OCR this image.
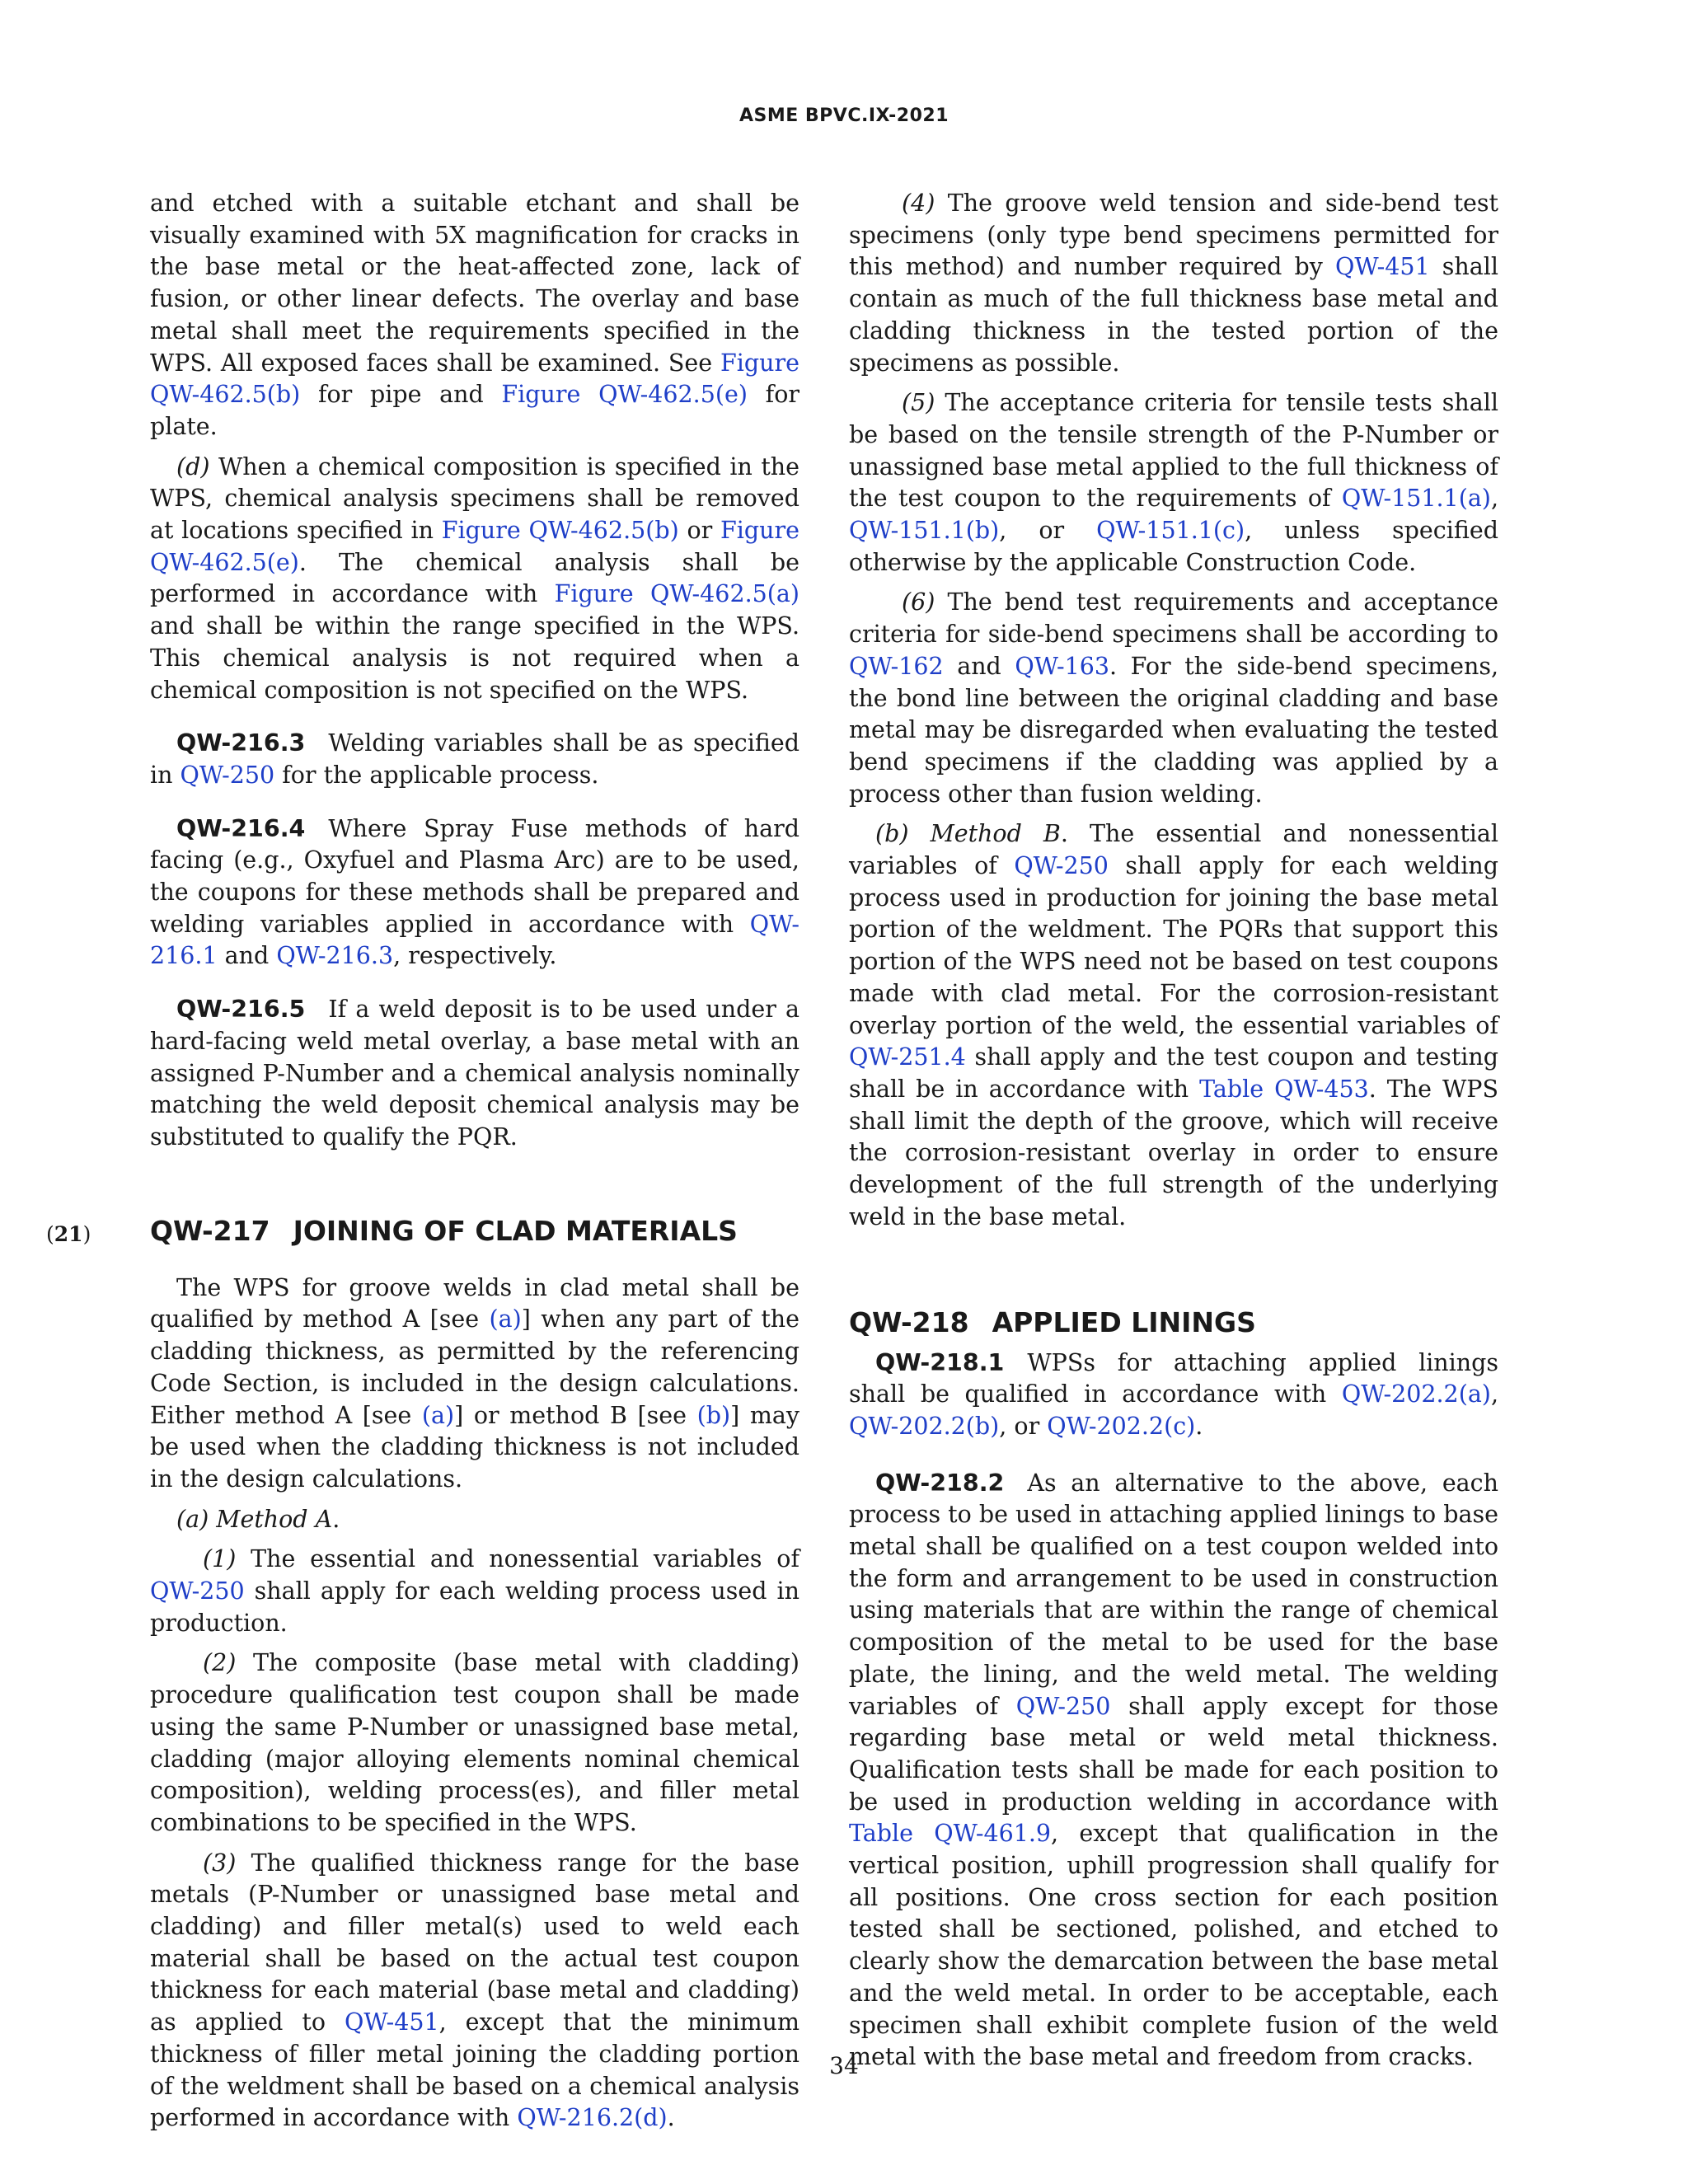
ASME BPVC.IX-2021

and etched with a suitable etchant and shall be visually examined with 5X magnification for cracks in the base metal or the heat-affected zone, lack of fusion, or other linear defects. The overlay and base metal shall meet the requirements specified in the WPS. All exposed faces shall be examined. See Figure QW-462.5(b) for pipe and Figure QW-462.5(e) for plate.

(d) When a chemical composition is specified in the WPS, chemical analysis specimens shall be removed at locations specified in Figure QW-462.5(b) or Figure QW-462.5(e). The chemical analysis shall be performed in accordance with Figure QW-462.5(a) and shall be within the range specified in the WPS. This chemical analysis is not required when a chemical composition is not specified on the WPS.

QW-216.3 Welding variables shall be as specified in QW-250 for the applicable process.

QW-216.4 Where Spray Fuse methods of hard facing (e.g., Oxyfuel and Plasma Arc) are to be used, the coupons for these methods shall be prepared and welding variables applied in accordance with QW-216.1 and QW-216.3, respectively.

QW-216.5 If a weld deposit is to be used under a hard-facing weld metal overlay, a base metal with an assigned P-Number and a chemical analysis nominally matching the weld deposit chemical analysis may be substituted to qualify the PQR.

(21) QW-217 JOINING OF CLAD MATERIALS

The WPS for groove welds in clad metal shall be qualified by method A [see (a)] when any part of the cladding thickness, as permitted by the referencing Code Section, is included in the design calculations. Either method A [see (a)] or method B [see (b)] may be used when the cladding thickness is not included in the design calculations.

(a) Method A.

(1) The essential and nonessential variables of QW-250 shall apply for each welding process used in production.

(2) The composite (base metal with cladding) procedure qualification test coupon shall be made using the same P-Number or unassigned base metal, cladding (major alloying elements nominal chemical composition), welding process(es), and filler metal combinations to be specified in the WPS.

(3) The qualified thickness range for the base metals (P-Number or unassigned base metal and cladding) and filler metal(s) used to weld each material shall be based on the actual test coupon thickness for each material (base metal and cladding) as applied to QW-451, except that the minimum thickness of filler metal joining the cladding portion of the weldment shall be based on a chemical analysis performed in accordance with QW-216.2(d).

(4) The groove weld tension and side-bend test specimens (only type bend specimens permitted for this method) and number required by QW-451 shall contain as much of the full thickness base metal and cladding thickness in the tested portion of the specimens as possible.

(5) The acceptance criteria for tensile tests shall be based on the tensile strength of the P-Number or unassigned base metal applied to the full thickness of the test coupon to the requirements of QW-151.1(a), QW-151.1(b), or QW-151.1(c), unless specified otherwise by the applicable Construction Code.

(6) The bend test requirements and acceptance criteria for side-bend specimens shall be according to QW-162 and QW-163. For the side-bend specimens, the bond line between the original cladding and base metal may be disregarded when evaluating the tested bend specimens if the cladding was applied by a process other than fusion welding.

(b) Method B. The essential and nonessential variables of QW-250 shall apply for each welding process used in production for joining the base metal portion of the weldment. The PQRs that support this portion of the WPS need not be based on test coupons made with clad metal. For the corrosion-resistant overlay portion of the weld, the essential variables of QW-251.4 shall apply and the test coupon and testing shall be in accordance with Table QW-453. The WPS shall limit the depth of the groove, which will receive the corrosion-resistant overlay in order to ensure development of the full strength of the underlying weld in the base metal.

QW-218 APPLIED LININGS

QW-218.1 WPSs for attaching applied linings shall be qualified in accordance with QW-202.2(a), QW-202.2(b), or QW-202.2(c).

QW-218.2 As an alternative to the above, each process to be used in attaching applied linings to base metal shall be qualified on a test coupon welded into the form and arrangement to be used in construction using materials that are within the range of chemical composition of the metal to be used for the base plate, the lining, and the weld metal. The welding variables of QW-250 shall apply except for those regarding base metal or weld metal thickness. Qualification tests shall be made for each position to be used in production welding in accordance with Table QW-461.9, except that qualification in the vertical position, uphill progression shall qualify for all positions. One cross section for each position tested shall be sectioned, polished, and etched to clearly show the demarcation between the base metal and the weld metal. In order to be acceptable, each specimen shall exhibit complete fusion of the weld metal with the base metal and freedom from cracks.

34
